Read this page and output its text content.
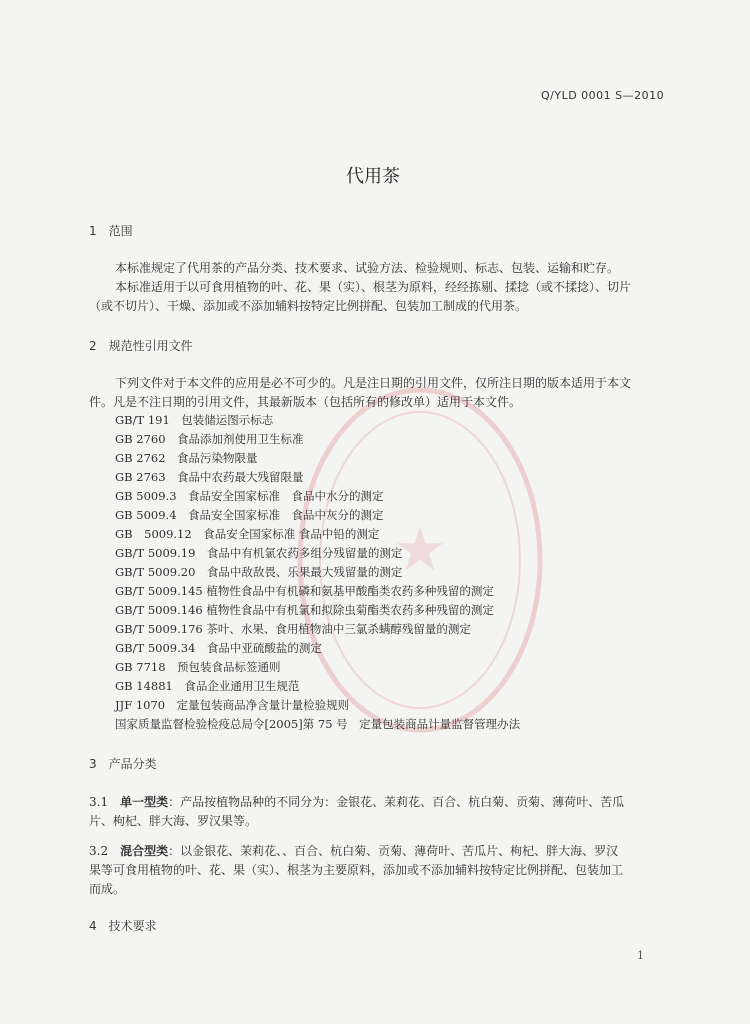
★
Q/YLD 0001 S—2010
代用茶
1　范围
本标准规定了代用茶的产品分类、技术要求、试验方法、检验规则、标志、包装、运输和贮存。
本标准适用于以可食用植物的叶、花、果（实）、根茎为原料，经经拣剔、揉捻（或不揉捻）、切片
（或不切片）、干燥、添加或不添加辅料按特定比例拼配、包装加工制成的代用茶。
2　规范性引用文件
下列文件对于本文件的应用是必不可少的。凡是注日期的引用文件，仅所注日期的版本适用于本文
件。凡是不注日期的引用文件，其最新版本（包括所有的修改单）适用于本文件。
GB/T 191　包装储运图示标志
GB 2760　食品添加剂使用卫生标准
GB 2762　食品污染物限量
GB 2763　食品中农药最大残留限量
GB 5009.3　食品安全国家标准　食品中水分的测定
GB 5009.4　食品安全国家标准　食品中灰分的测定
GB　5009.12　食品安全国家标准 食品中铅的测定
GB/T 5009.19　食品中有机氯农药多组分残留量的测定
GB/T 5009.20　食品中敌敌畏、乐果最大残留量的测定
GB/T 5009.145 植物性食品中有机磷和氨基甲酸酯类农药多种残留的测定
GB/T 5009.146 植物性食品中有机氯和拟除虫菊酯类农药多种残留的测定
GB/T 5009.176 茶叶、水果、食用植物油中三氯杀螨醇残留量的测定
GB/T 5009.34　食品中亚硫酸盐的测定
GB 7718　预包装食品标签通则
GB 14881　食品企业通用卫生规范
JJF 1070　定量包装商品净含量计量检验规则
国家质量监督检验检疫总局令[2005]第 75 号　定量包装商品计量监督管理办法
3　产品分类
3.1　单一型类：产品按植物品种的不同分为：金银花、茉莉花、百合、杭白菊、贡菊、薄荷叶、苦瓜
片、枸杞、胖大海、罗汉果等。
3.2　混合型类：以金银花、茉莉花、、百合、杭白菊、贡菊、薄荷叶、苦瓜片、枸杞、胖大海、罗汉
果等可食用植物的叶、花、果（实）、根茎为主要原料，添加或不添加辅料按特定比例拼配、包装加工
而成。
4　技术要求
1
